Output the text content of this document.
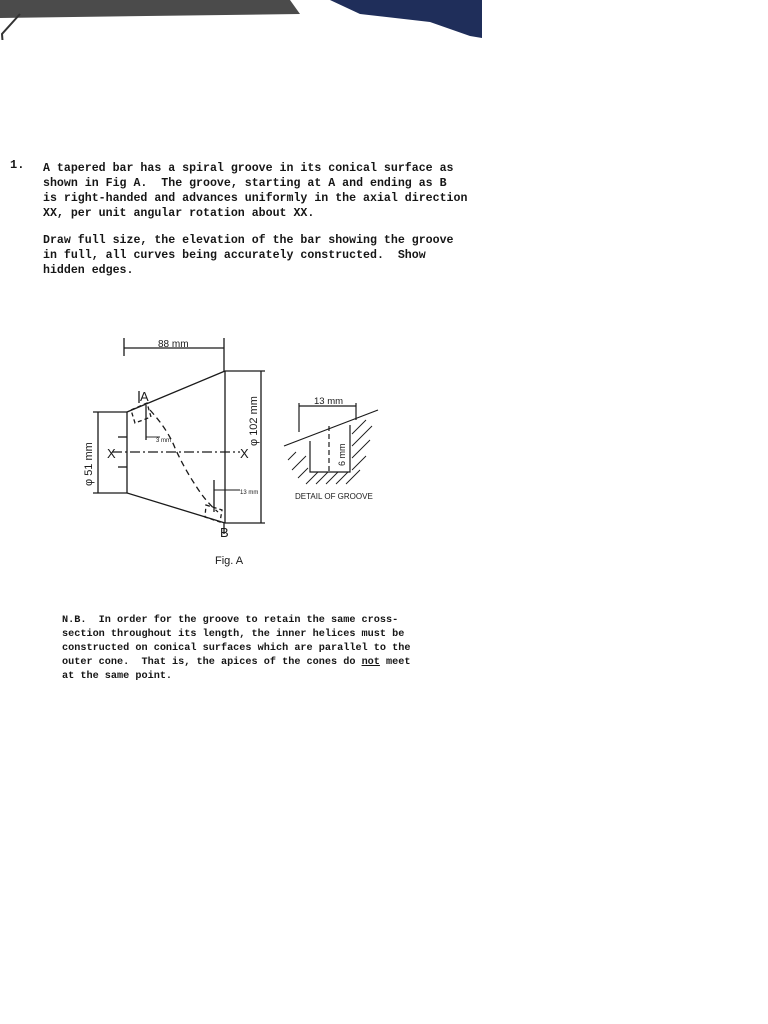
1. A tapered bar has a spiral groove in its conical surface as
shown in Fig A.  The groove, starting at A and ending as B
is right-handed and advances uniformly in the axial direction
XX, per unit angular rotation about XX.
Draw full size, the elevation of the bar showing the groove
in full, all curves being accurately constructed.  Show
hidden edges.
88 mm
A
B
X	X
3 mm
13 mm
φ 51 mm
φ 102 mm
Fig. A
13 mm
6 mm
DETAIL OF GROOVE
N.B.  In order for the groove to retain the same cross-
section throughout its length, the inner helices must be
constructed on conical surfaces which are parallel to the
outer cone.  That is, the apices of the cones do not meet
at the same point.
